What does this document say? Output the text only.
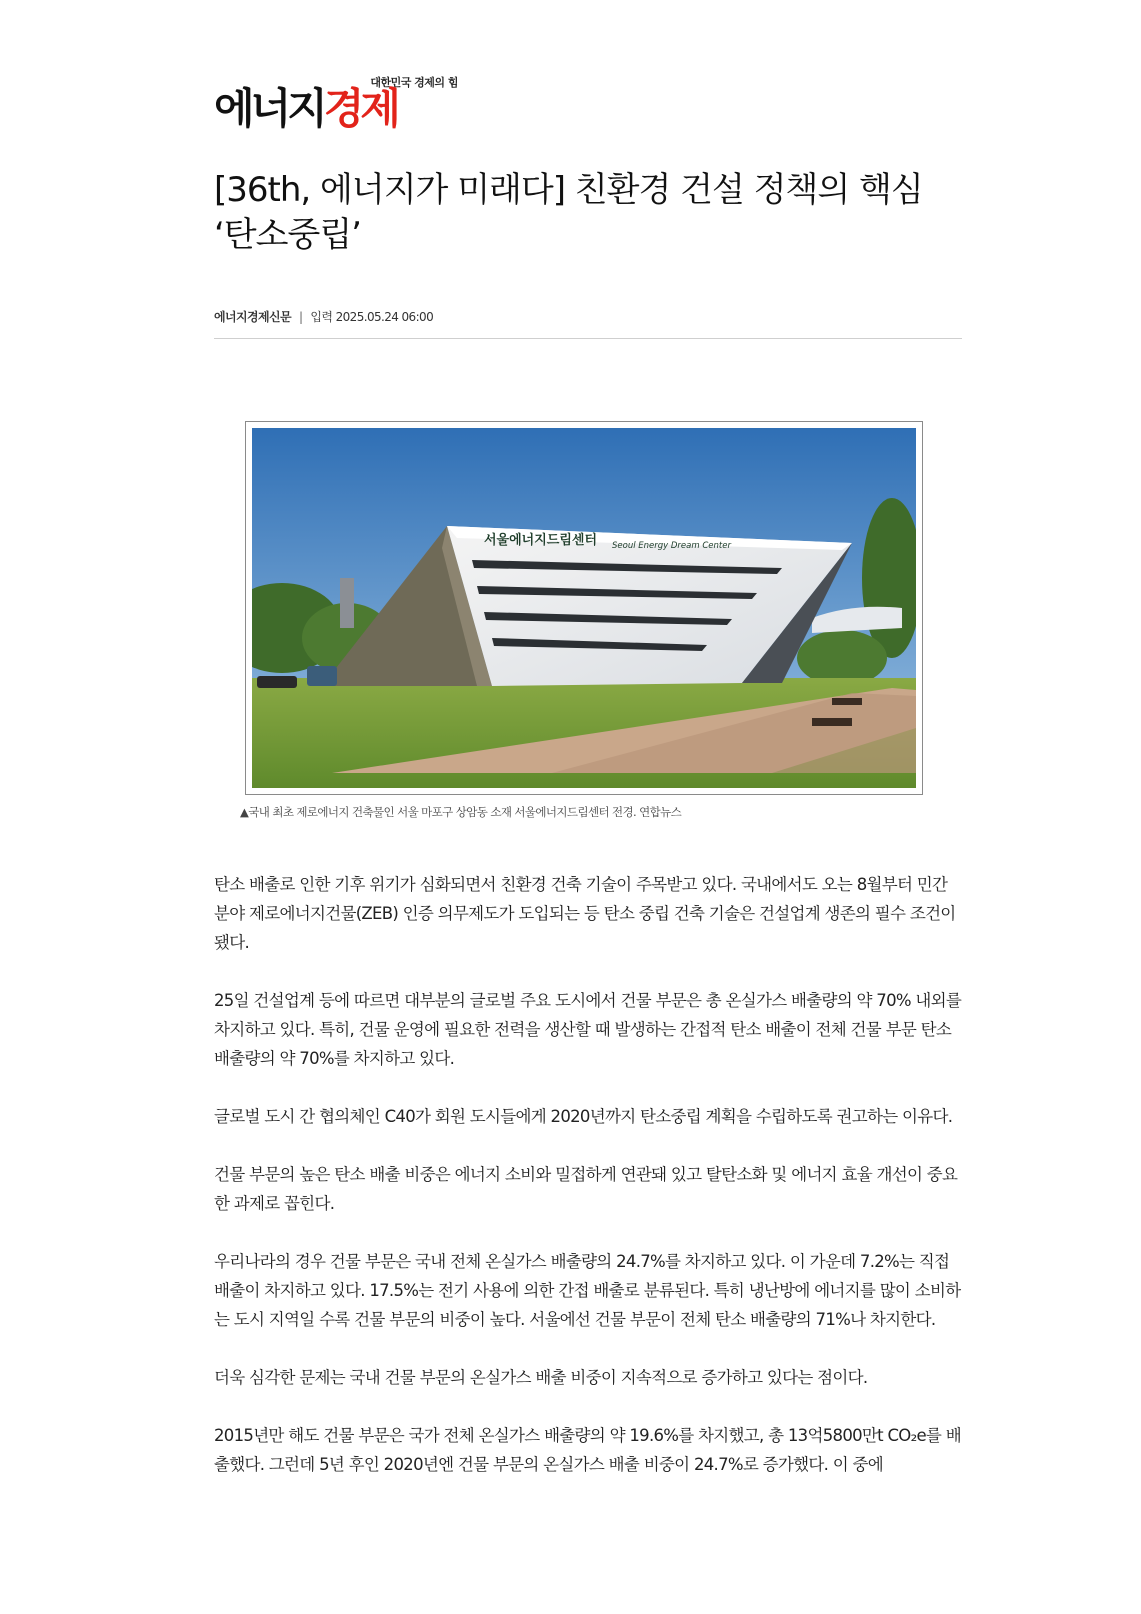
대한민국 경제의 힘
에너지경제
[36th, 에너지가 미래다] 친환경 건설 정책의 핵심 ‘탄소중립’
에너지경제신문 | 입력 2025.05.24 06:00
서울에너지드림센터 Seoul Energy Dream Center
▲국내 최초 제로에너지 건축물인 서울 마포구 상암동 소재 서울에너지드림센터 전경. 연합뉴스

탄소 배출로 인한 기후 위기가 심화되면서 친환경 건축 기술이 주목받고 있다. 국내에서도 오는 8월부터 민간 분야 제로에너지건물(ZEB) 인증 의무제도가 도입되는 등 탄소 중립 건축 기술은 건설업계 생존의 필수 조건이 됐다.

25일 건설업계 등에 따르면 대부분의 글로벌 주요 도시에서 건물 부문은 총 온실가스 배출량의 약 70% 내외를 차지하고 있다. 특히, 건물 운영에 필요한 전력을 생산할 때 발생하는 간접적 탄소 배출이 전체 건물 부문 탄소 배출량의 약 70%를 차지하고 있다.

글로벌 도시 간 협의체인 C40가 회원 도시들에게 2020년까지 탄소중립 계획을 수립하도록 권고하는 이유다.

건물 부문의 높은 탄소 배출 비중은 에너지 소비와 밀접하게 연관돼 있고 탈탄소화 및 에너지 효율 개선이 중요한 과제로 꼽힌다.

우리나라의 경우 건물 부문은 국내 전체 온실가스 배출량의 24.7%를 차지하고 있다. 이 가운데 7.2%는 직접 배출이 차지하고 있다. 17.5%는 전기 사용에 의한 간접 배출로 분류된다. 특히 냉난방에 에너지를 많이 소비하는 도시 지역일 수록 건물 부문의 비중이 높다. 서울에선 건물 부문이 전체 탄소 배출량의 71%나 차지한다.

더욱 심각한 문제는 국내 건물 부문의 온실가스 배출 비중이 지속적으로 증가하고 있다는 점이다.

2015년만 해도 건물 부문은 국가 전체 온실가스 배출량의 약 19.6%를 차지했고, 총 13억5800만t CO₂e를 배출했다. 그런데 5년 후인 2020년엔 건물 부문의 온실가스 배출 비중이 24.7%로 증가했다. 이 중에
